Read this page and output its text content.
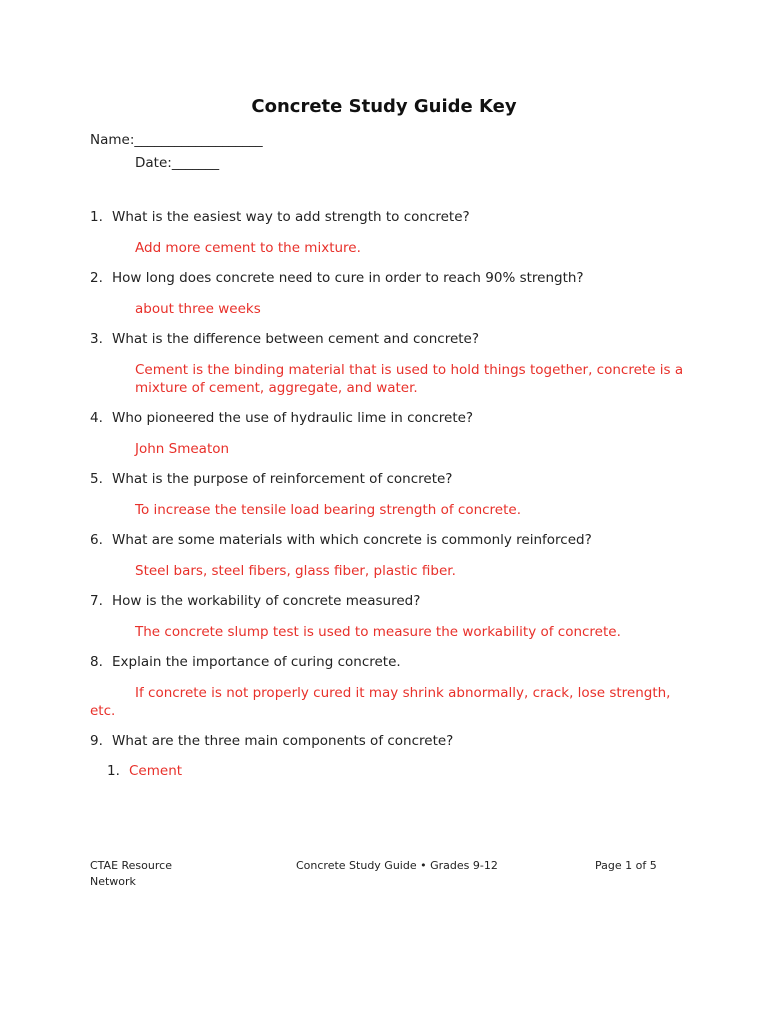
Concrete Study Guide Key
Name:___________________
Date:_______
1. What is the easiest way to add strength to concrete?
Add more cement to the mixture.
2. How long does concrete need to cure in order to reach 90% strength?
about three weeks
3. What is the difference between cement and concrete?
Cement is the binding material that is used to hold things together, concrete is a mixture of cement, aggregate, and water.
4. Who pioneered the use of hydraulic lime in concrete?
John Smeaton
5. What is the purpose of reinforcement of concrete?
To increase the tensile load bearing strength of concrete.
6. What are some materials with which concrete is commonly reinforced?
Steel bars, steel fibers, glass fiber, plastic fiber.
7. How is the workability of concrete measured?
The concrete slump test is used to measure the workability of concrete.
8. Explain the importance of curing concrete.
If concrete is not properly cured it may shrink abnormally, crack, lose strength, etc.
9. What are the three main components of concrete?
1. Cement
CTAE Resource Network
Concrete Study Guide • Grades 9-12	Page 1 of 5
